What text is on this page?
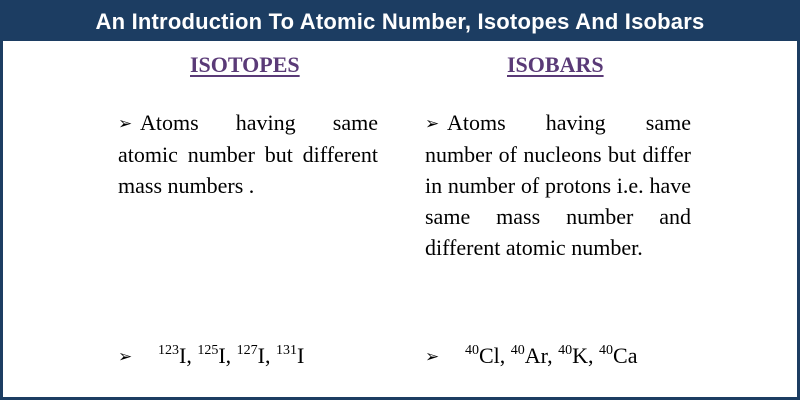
An Introduction To Atomic Number, Isotopes And Isobars
ISOTOPES	ISOBARS
➢ Atoms having same atomic number but different mass numbers .
➢ Atoms having same number of nucleons but differ in number of protons i.e. have same mass number and different atomic number.
➢ $^{123}$I, $^{125}$I, $^{127}$I, $^{131}$I	➢ $^{40}$Cl, $^{40}$Ar, $^{40}$K, $^{40}$Ca
